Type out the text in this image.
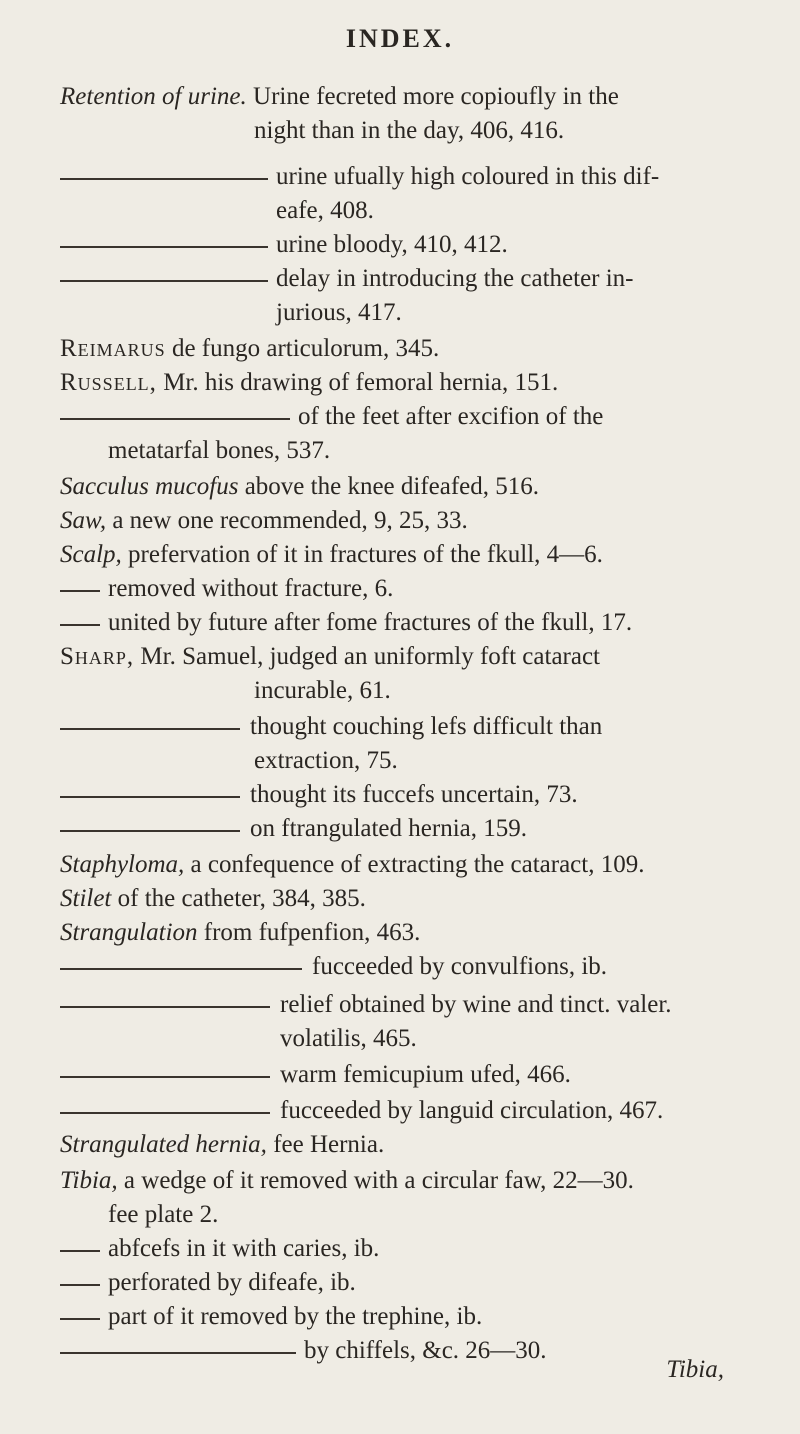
INDEX.
Retention of urine. Urine fecreted more copioufly in the
night than in the day, 406, 416.
urine ufually high coloured in this dif-
eafe, 408.
urine bloody, 410, 412.
delay in introducing the catheter in-
jurious, 417.
Reimarus de fungo articulorum, 345.
Russell, Mr. his drawing of femoral hernia, 151.
of the feet after excifion of the
metatarfal bones, 537.
Sacculus mucofus above the knee difeafed, 516.
Saw, a new one recommended, 9, 25, 33.
Scalp, prefervation of it in fractures of the fkull, 4—6.
removed without fracture, 6.
united by future after fome fractures of the fkull, 17.
Sharp, Mr. Samuel, judged an uniformly foft cataract
incurable, 61.
thought couching lefs difficult than
extraction, 75.
thought its fuccefs uncertain, 73.
on ftrangulated hernia, 159.
Staphyloma, a confequence of extracting the cataract, 109.
Stilet of the catheter, 384, 385.
Strangulation from fufpenfion, 463.
fucceeded by convulfions, ib.
relief obtained by wine and tinct. valer.
volatilis, 465.
warm femicupium ufed, 466.
fucceeded by languid circulation, 467.
Strangulated hernia, fee Hernia.
Tibia, a wedge of it removed with a circular faw, 22—30.
fee plate 2.
abfcefs in it with caries, ib.
perforated by difeafe, ib.
part of it removed by the trephine, ib.
by chiffels, &c. 26—30.
Tibia,
